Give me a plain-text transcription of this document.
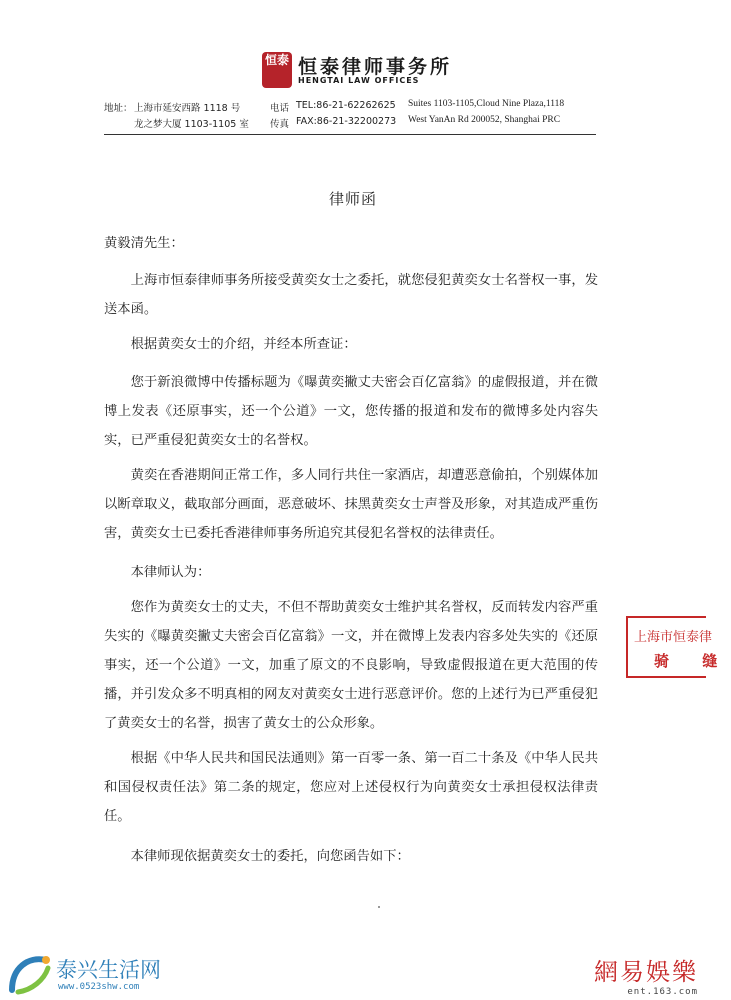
恒泰 恒泰律师事务所
HENGTAI LAW OFFICES
地址： 上海市延安西路 1118 号
龙之梦大厦 1103-1105 室
电话 TEL:86-21-62262625
传真 FAX:86-21-32200273
Suites 1103-1105,Cloud Nine Plaza,1118
West YanAn Rd 200052, Shanghai PRC
律师函
黄毅清先生：
上海市恒泰律师事务所接受黄奕女士之委托，就您侵犯黄奕女士名誉权一事，发送本函。
根据黄奕女士的介绍，并经本所查证：
您于新浪微博中传播标题为《曝黄奕撇丈夫密会百亿富翁》的虚假报道，并在微博上发表《还原事实，还一个公道》一文，您传播的报道和发布的微博多处内容失实，已严重侵犯黄奕女士的名誉权。
黄奕在香港期间正常工作，多人同行共住一家酒店，却遭恶意偷拍，个别媒体加以断章取义，截取部分画面，恶意破坏、抹黑黄奕女士声誉及形象，对其造成严重伤害，黄奕女士已委托香港律师事务所追究其侵犯名誉权的法律责任。
本律师认为：
您作为黄奕女士的丈夫，不但不帮助黄奕女士维护其名誉权，反而转发内容严重失实的《曝黄奕撇丈夫密会百亿富翁》一文，并在微博上发表内容多处失实的《还原事实，还一个公道》一文，加重了原文的不良影响，导致虚假报道在更大范围的传播，并引发众多不明真相的网友对黄奕女士进行恶意评价。您的上述行为已严重侵犯了黄奕女士的名誉，损害了黄女士的公众形象。
根据《中华人民共和国民法通则》第一百零一条、第一百二十条及《中华人民共和国侵权责任法》第二条的规定，您应对上述侵权行为向黄奕女士承担侵权法律责任。
本律师现依据黄奕女士的委托，向您函告如下：
上海市恒泰律
骑 缝
泰兴生活网
www.0523shw.com
網易娛樂
ent.163.com
